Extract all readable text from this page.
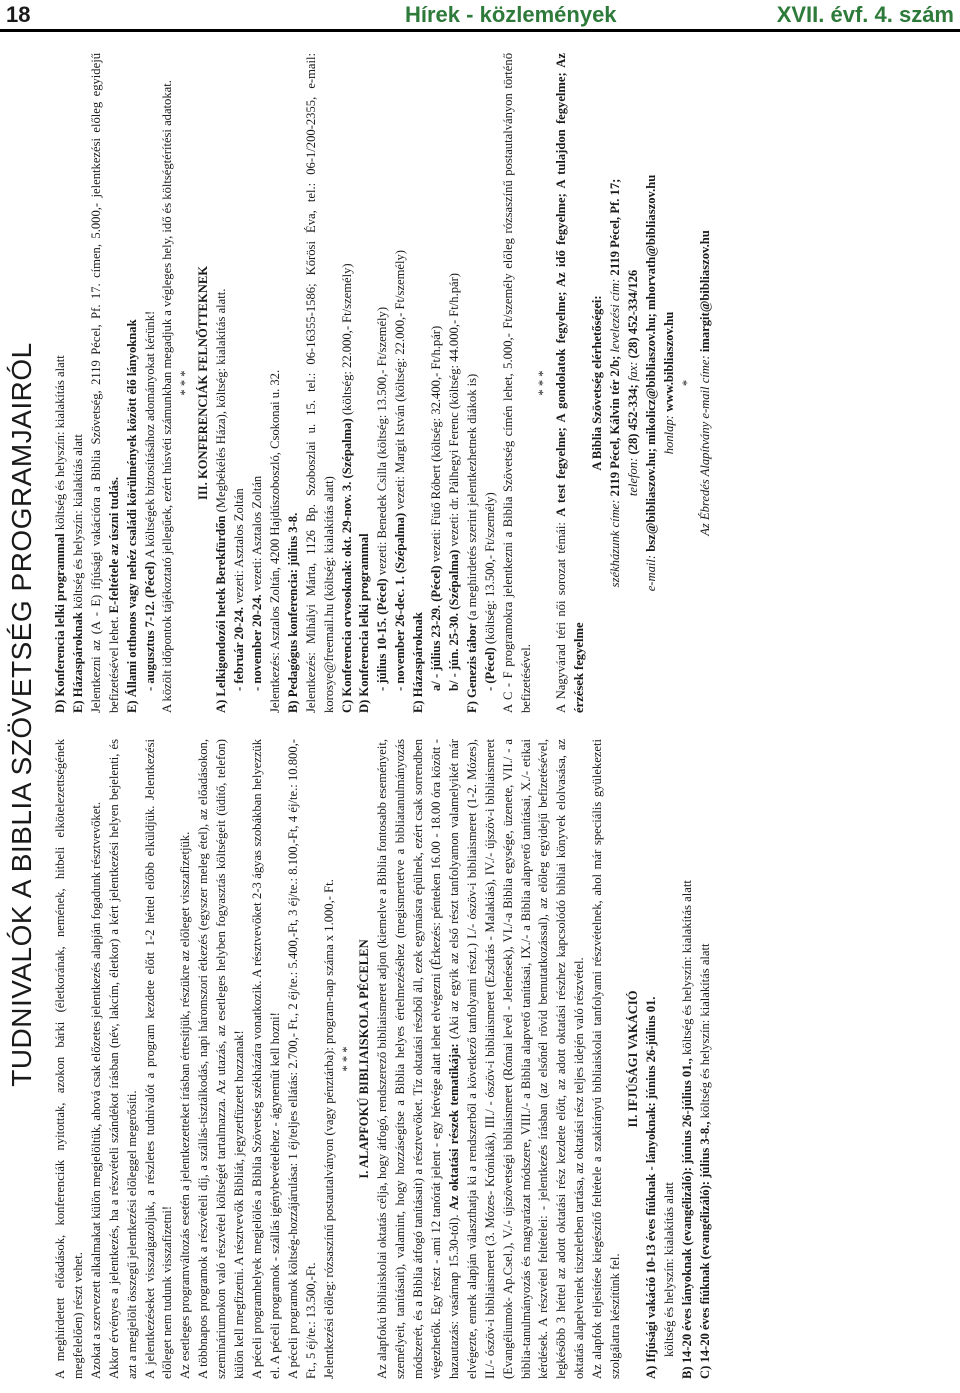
18	Hírek - közlemények	XVII. évf. 4. szám
TUDNIVALÓK A BIBLIA SZÖVETSÉG PROGRAMJAIRÓL A meghirdetett előadások, konferenciák nyitottak, azokon bárki (életkorának, nemének, hitbeli elkötelezettségének megfelelően) részt vehet. Azokat a szervezett alkalmakat külön megjelöltük, ahová csak előzetes jelentkezés alapján fogadunk résztvevőket. Akkor érvényes a jelentkezés, ha a részvételi szándékot írásban (név, lakcím, életkor) a kért jelentkezési helyen bejelenti, és azt a megjelölt összegű jelentkezési előleggel megerősíti. A jelentkezéseket visszaigazoljuk, a részletes tudnivalót a program kezdete előtt 1-2 héttel előbb elküldjük. Jelentkezési előleget nem tudunk visszafizetni! Az esetleges programváltozás esetén a jelentkezetteket írásban értesítjük, részükre az előleget visszafizetjük. A többnapos programok a részvételi díj, a szállás-tisztálkodás, napi háromszori étkezés (egyszer meleg étel), az előadásokon, szemináriumokon való részvétel költségét tartalmazza. Az utazás, az esetleges helyben fogyasztás költségeit (üdítő, telefon) külön kell megfizetni. A résztvevők Bibliát, jegyzetfüzetet hozzanak! A péceli programhelyek megjelölés a Biblia Szövetség székházára vonatkozik. A résztvevőket 2-3 ágyas szobákban helyezzük el. A péceli programok - szállás igénybevételéhez - ágyneműt kell hozni! A péceli programok költség-hozzájárulása: 1 éj/teljes ellátás: 2.700,- Ft., 2 éj/te.: 5.400,-Ft, 3 éj/te.: 8.100,-Ft, 4 éj/te.: 10.800,-Ft., 5 éj/te.: 13.500,-Ft. Jelentkezési előleg: rózsaszínű postautalványon (vagy pénztárba): program-nap száma x 1.000,- Ft. * * * I. ALAPFOKÚ BIBLIAISKOLA PÉCELEN Az alapfokú bibliaiskolai oktatás célja, hogy átfogó, rendszerező bibliaismeret adjon (kiemelve a Biblia fontosabb eseményeit, személyeit, tanításait), valamint, hogy hozzásegítse a Biblia helyes értelmezéséhez (megismertetve a bibliatanulmányozás módszerét, és a Biblia átfogó tanításait) a résztvevőket. Tíz oktatási részből áll, ezek egymásra épülnek, ezért csak sorrendben végezhetők. Egy részt - ami 12 tanórát jelent - egy hétvége alatt lehet elvégezni (Érkezés: pénteken 16.00 - 18.00 óra között - hazautazás: vasárnap 15.30-tól). Az oktatási részek tematikája: (Aki az egyik az első részt tanfolyamon valamelyikét már elvégezte, ennek alapján választhatja ki a rendszerből a következő tanfolyami részt.) I./- ószöv-i bibliaismeret (1-2. Mózes), II./- ószöv-i bibliaismeret (3. Mózes- Krónikák), III./ - ószöv-i bibliaismeret (Ezsdrás - Malakiás), IV./- újszöv-i bibliaismeret (Evangéliumok- Ap.Csel.), V./- újszövetségi bibliaismeret (Római levél - Jelenések), VI./-a Biblia egysége, üzenete, VII./ - a biblia-tanulmányozás és magyarázat módszere, VIII./- a Biblia alapvető tanításai, IX./- a Biblia alapvető tanításai, X./- etikai kérdések. A részvétel feltételei: - jelentkezés írásban (az elsőnél rövid bemutatkozással), az előleg egyidejű befizetésével, legkésőbb 3 héttel az adott oktatási rész kezdete előtt, az adott oktatási részhez kapcsolódó bibliai könyvek elolvasása, az oktatás alapelveinek tiszteletben tartása, az oktatási rész teljes idején való részvétel. Az alapfok teljesítése kiegészítő feltétele a szakirányú bibliaiskolai tanfolyami részvételnek, ahol már speciális gyülekezeti szolgálatra készítünk fel.

II. IFJÚSÁGI VAKÁCIÓ A) Ifjúsági vakáció 10-13 éves fiúknak - lányoknak: június 26-július 01. költség és helyszín: kialakítás alatt B) 14-20 éves lányoknak (evangélizáló): június 26-július 01., költség és helyszín: kialakítás alatt

C) 14-20 éves fiúknak (evangélizáló): július 3-8., költség és helyszín: kialakítás alatt

D) Konferencia lelki programmal költség és helyszín: kialakítás alatt

E) Házaspároknak költség és helyszín: kialakítás alatt Jelentkezni az (A - E) ifjúsági vakációra a Biblia Szövetség, 2119 Pécel, Pf. 17. címen, 5.000,- jelentkezési előleg egyidejű befizetésével lehet. E-feltétele az úszni tudás. E) Állami otthonos vagy nehéz családi körülmények között élő lányoknak - augusztus 7-12. (Pécel) A költségek biztosításához adományokat kérünk! A közölt időpontok tájékoztató jellegűek, ezért húsvéti számunkban megadjuk a végleges hely, idő és költségtérítési adatokat. * * * III. KONFERENCIÁK FELNŐTTEKNEK

A) Lelkigondozói hetek Berekfürdőn (Megbékélés Háza), költség: kialakítás alatt.

- február 20-24. vezeti: Asztalos Zoltán

- november 20-24. vezeti: Asztalos Zoltán Jelentkezés: Asztalos Zoltán, 4200 Hajdúszoboszló, Csokonai u. 32. B) Pedagógus konferencia: július 3-8. Jelentkezés: Mihályi Márta, 1126 Bp. Szoboszlai u. 15. tel.: 06-16355-1586; Kőrösi Éva, tel.: 06-1/200-2355, e-mail: korosye@freemail.hu (költség: kialakítás alatt) C) Konferencia orvosoknak: okt. 29-nov. 3. (Szépalma) (költség: 22.000,- Ft/személy)

D) Konferencia lelki programmal - július 10-15. (Pécel) vezeti: Benedek Csilla (költség: 13.500,- Ft/személy)

- november 26-dec. 1. (Szépalma) vezeti: Margit István (költség: 22.000,- Ft/személy)

E) Házaspároknak a/ - július 23-29. (Pécel) vezeti: Fütő Róbert (költség: 32.400,- Ft/h.pár)

b/ - jún. 25-30. (Szépalma) vezeti: dr. Pálhegyi Ferenc (költség: 44.000,- Ft/h.pár)

F) Genezis tábor (a meghirdetés szerint jelentkezhetnek diákok is)

- (Pécel) (költség: 13.500,- Ft/személy) A C - F programokra jelentkezni a Biblia Szövetség címén lehet, 5.000,- Ft/személy előleg rózsaszínű postautalványon történő befizetésével.

* * *

A Nagyvárad téri női sorozat témái: A test fegyelme; A gondolatok fegyelme; Az idő fegyelme; A tulajdon fegyelme; Az érzések fegyelme

A Biblia Szövetség elérhetőségei:

székházunk címe: 2119 Pécel, Kálvin tér 2/b; levelezési cím: 2119 Pécel, Pf. 17;

telefon: (28) 452-334; fax: (28) 452-334/126

e-mail: bsz@bibliaszov.hu; mikolicz@bibliaszov.hu; mhorvath@bibliaszov.hu honlap: www.bibliaszov.hu * Az Ébredés Alapítvány e-mail címe: imargit@bibliaszov.hu
